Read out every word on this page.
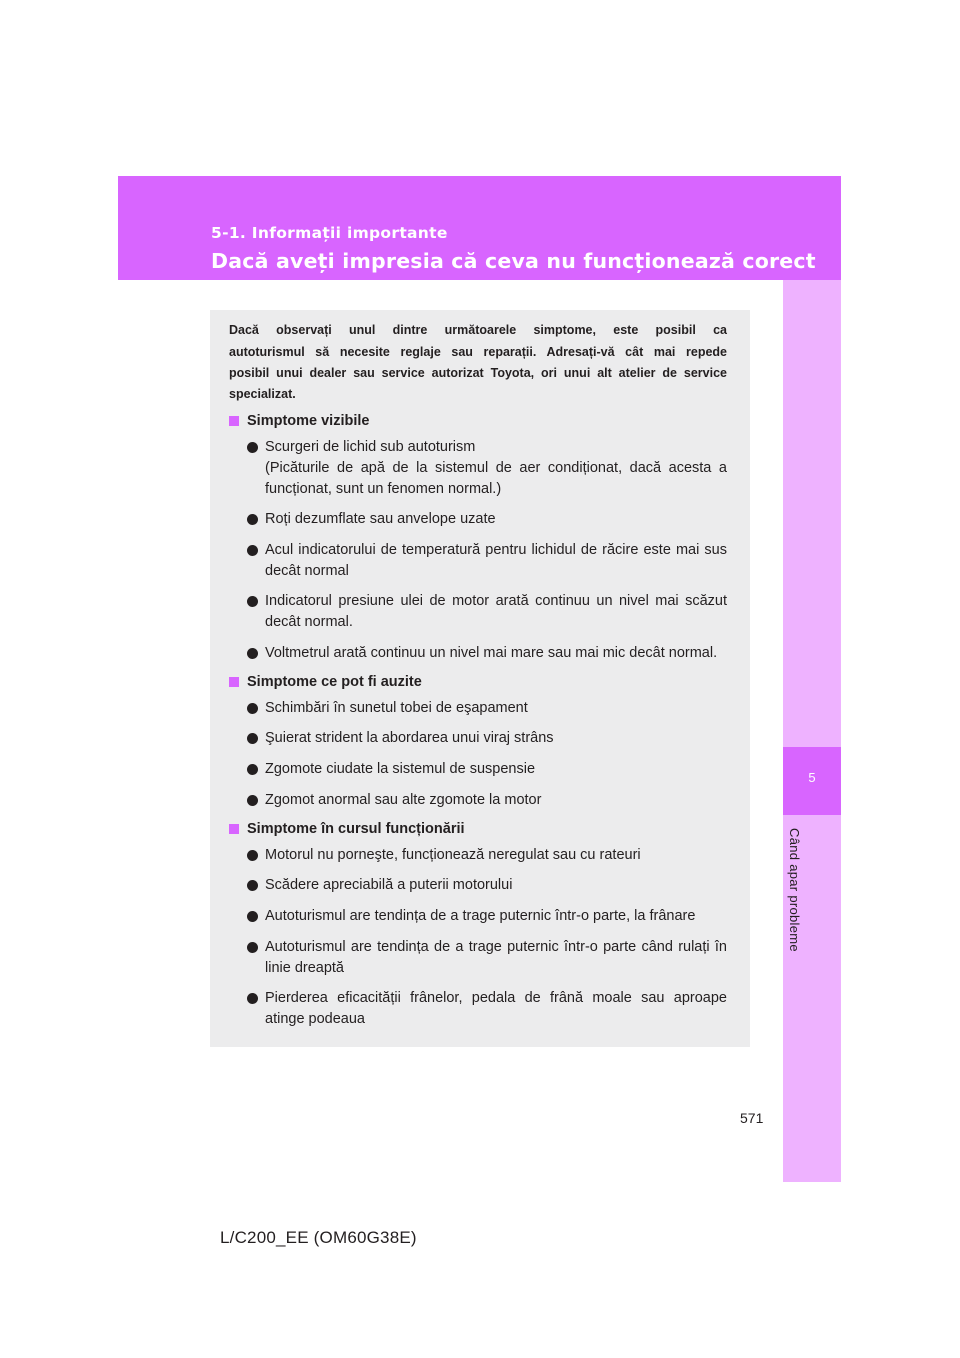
5-1. Informații importante
Dacă aveți impresia că ceva nu funcționează corect
5
Când apar probleme
Dacă observați unul dintre următoarele simptome, este posibil ca
autoturismul să necesite reglaje sau reparații. Adresați-vă cât mai repede
posibil unui dealer sau service autorizat Toyota, ori unui alt atelier de service
specializat.
Simptome vizibile
Scurgeri de lichid sub autoturism
(Picăturile de apă de la sistemul de aer condiționat, dacă acesta a
funcționat, sunt un fenomen normal.)
Roți dezumflate sau anvelope uzate
Acul indicatorului de temperatură pentru lichidul de răcire este mai sus
decât normal
Indicatorul presiune ulei de motor arată continuu un nivel mai scăzut
decât normal.
Voltmetrul arată continuu un nivel mai mare sau mai mic decât normal.
Simptome ce pot fi auzite
Schimbări în sunetul tobei de eşapament
Şuierat strident la abordarea unui viraj strâns
Zgomote ciudate la sistemul de suspensie
Zgomot anormal sau alte zgomote la motor
Simptome în cursul funcționării
Motorul nu porneşte, funcționează neregulat sau cu rateuri
Scădere apreciabilă a puterii motorului
Autoturismul are tendința de a trage puternic într-o parte, la frânare
Autoturismul are tendința de a trage puternic într-o parte când rulați în
linie dreaptă
Pierderea eficacității frânelor, pedala de frână moale sau aproape
atinge podeaua
571
L/C200_EE (OM60G38E)
